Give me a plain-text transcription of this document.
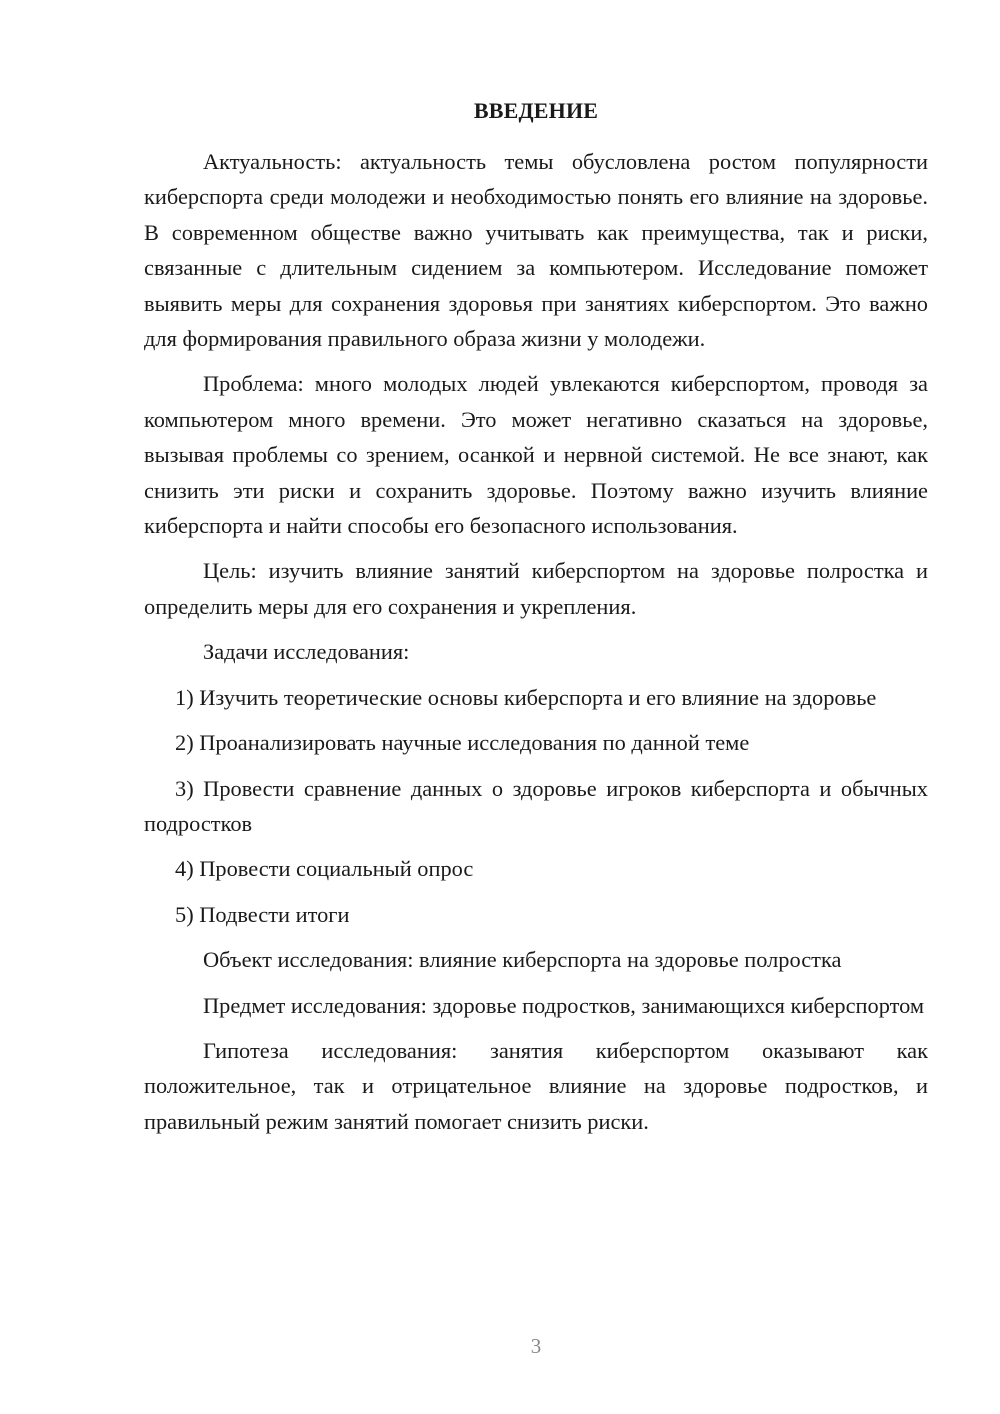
ВВЕДЕНИЕ

Актуальность: актуальность темы обусловлена ростом популярности киберспорта среди молодежи и необходимостью понять его влияние на здоровье. В современном обществе важно учитывать как преимущества, так и риски, связанные с длительным сидением за компьютером. Исследование поможет выявить меры для сохранения здоровья при занятиях киберспортом. Это важно для формирования правильного образа жизни у молодежи.

Проблема: много молодых людей увлекаются киберспортом, проводя за компьютером много времени. Это может негативно сказаться на здоровье, вызывая проблемы со зрением, осанкой и нервной системой. Не все знают, как снизить эти риски и сохранить здоровье. Поэтому важно изучить влияние киберспорта и найти способы его безопасного использования.

Цель: изучить влияние занятий киберспортом на здоровье полростка и определить меры для его сохранения и укрепления.

Задачи исследования:

1) Изучить теоретические основы киберспорта и его влияние на здоровье

2) Проанализировать научные исследования по данной теме

3) Провести сравнение данных о здоровье игроков киберспорта и обычных подростков

4) Провести социальный опрос

5) Подвести итоги

Объект исследования: влияние киберспорта на здоровье полростка

Предмет исследования: здоровье подростков, занимающихся киберспортом

Гипотеза исследования: занятия киберспортом оказывают как положительное, так и отрицательное влияние на здоровье подростков, и правильный режим занятий помогает снизить риски.

3
